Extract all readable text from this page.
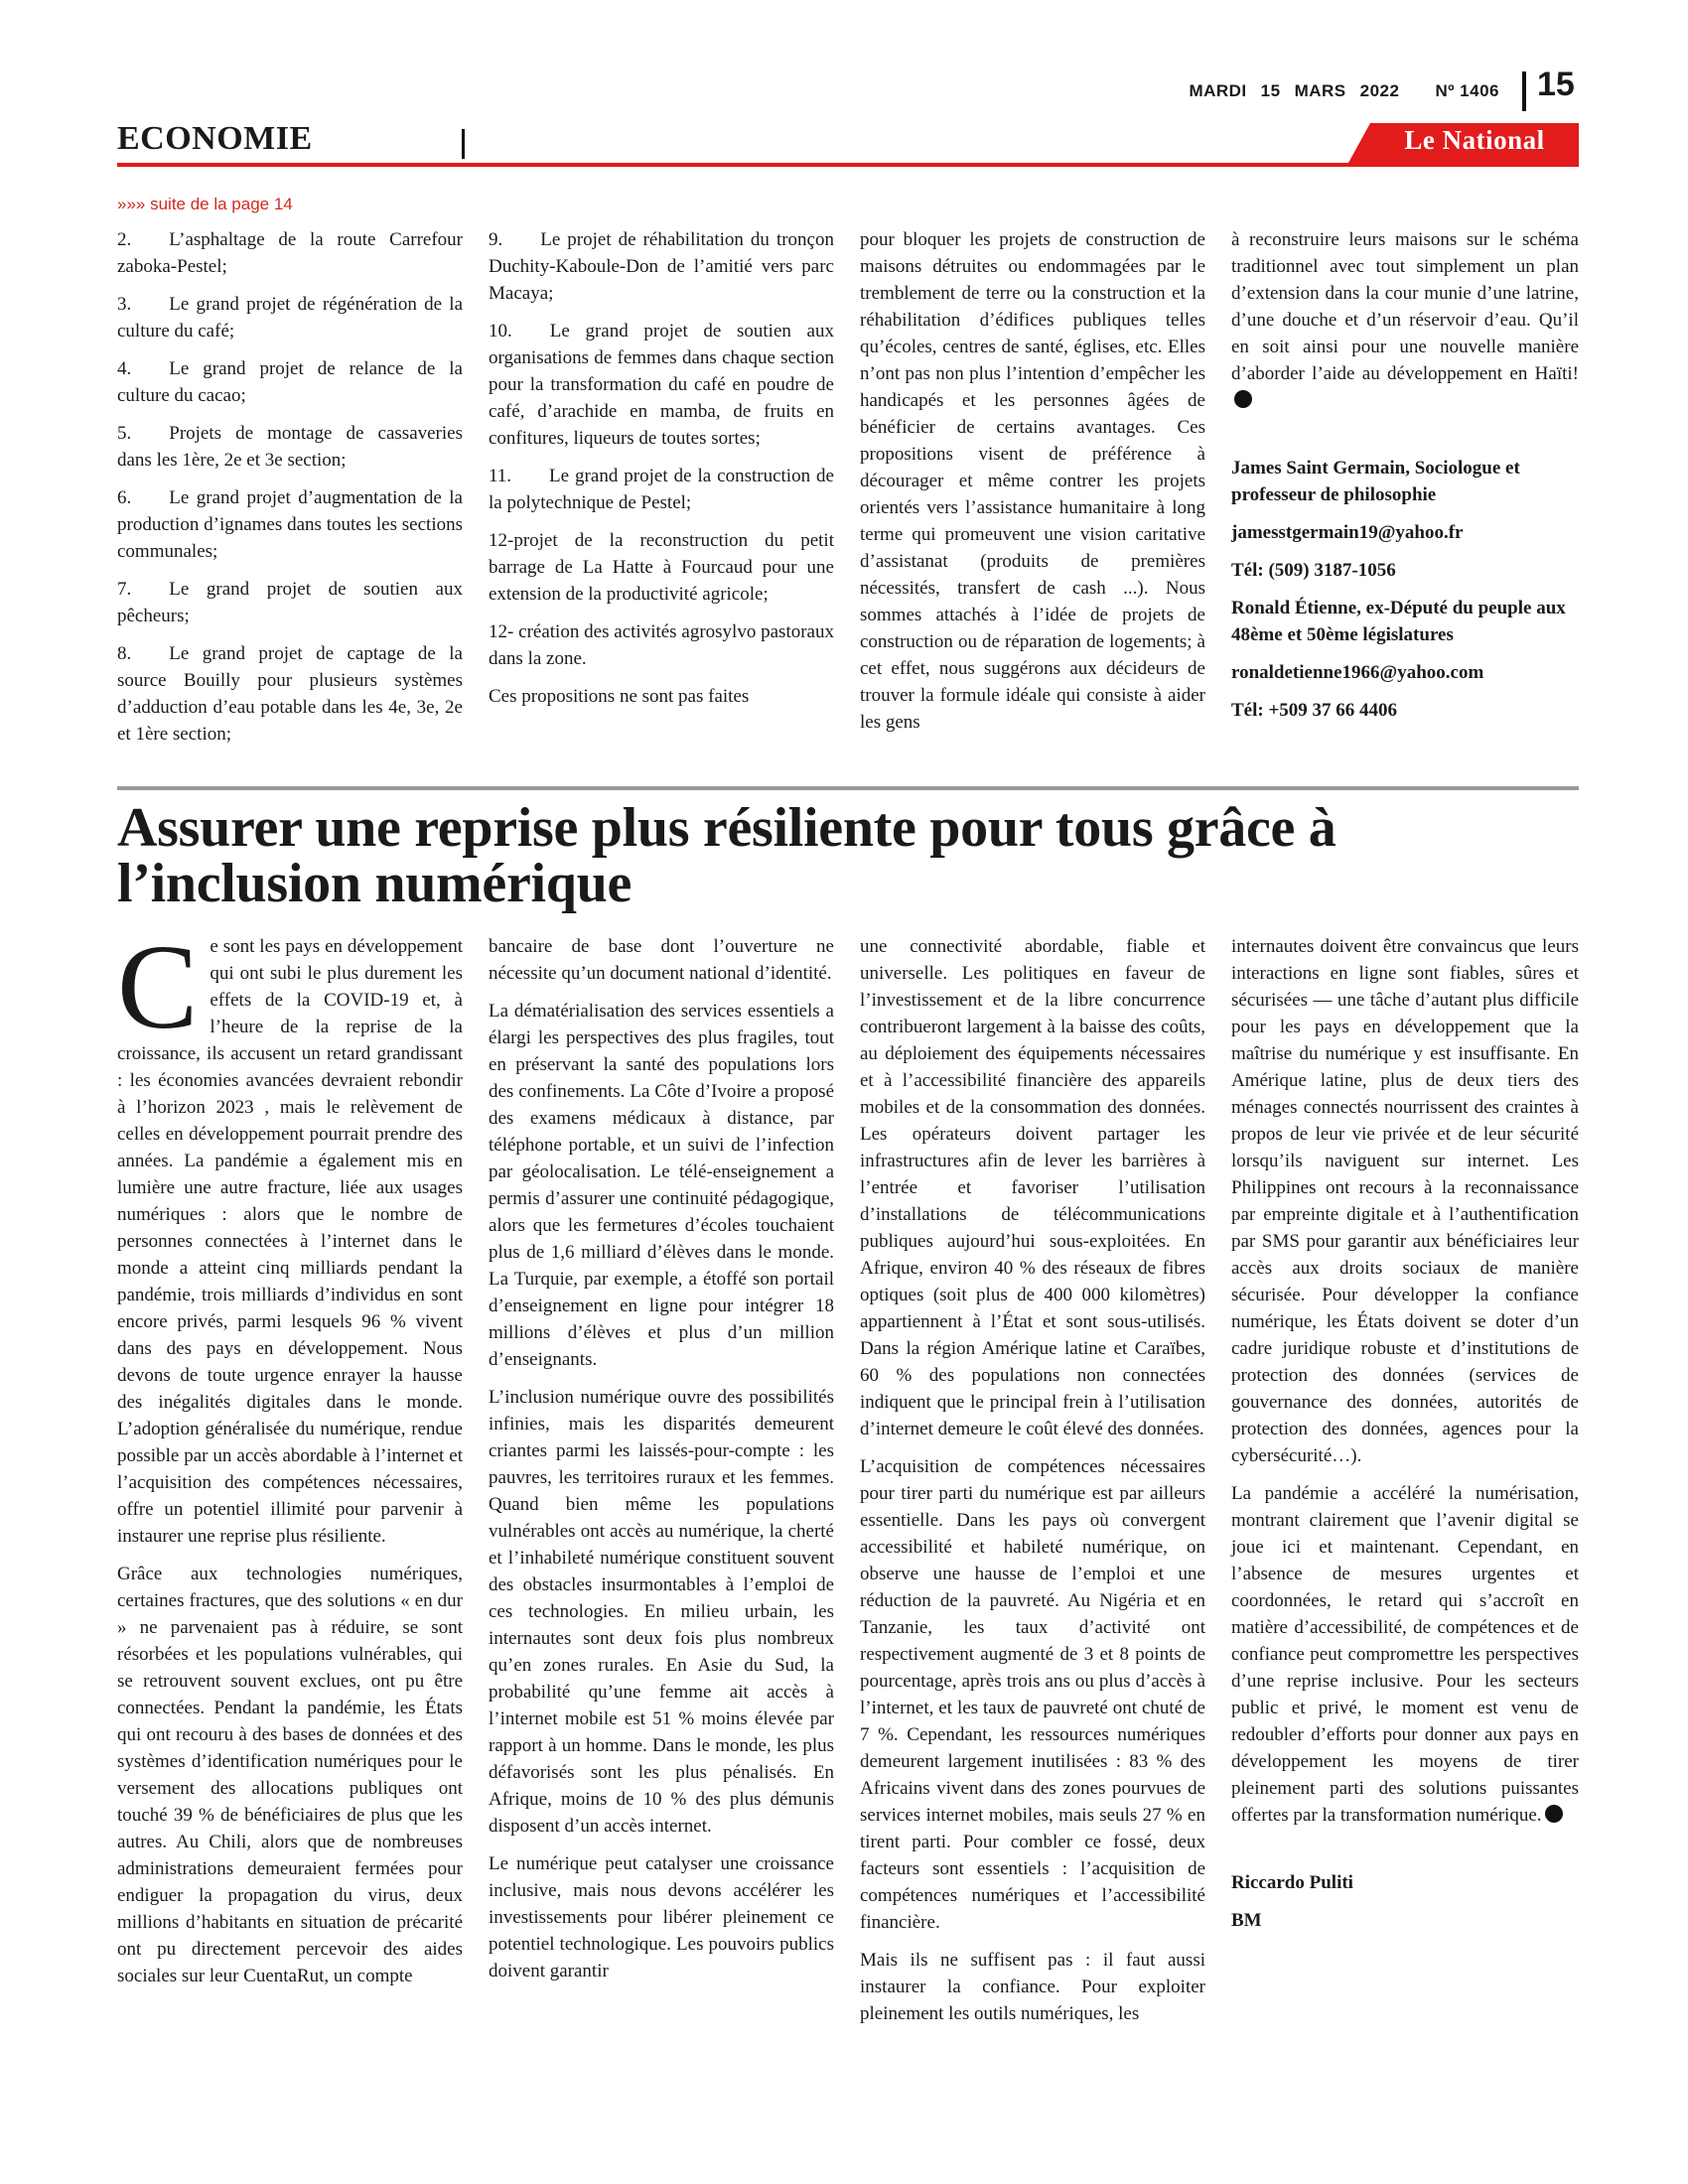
MARDI 15 MARS 2022 Nº 1406 15
ECONOMIE	Le National
»»» suite de la page 14
2.  L’asphaltage de la route Carrefour zaboka-Pestel;
3.  Le grand projet de régénération de la culture du café;
4.  Le grand projet de relance de la culture du cacao;
5.  Projets de montage de cassaveries dans les 1ère, 2e et 3e section;
6.  Le grand projet d’augmentation de la production d’ignames dans toutes les sections communales;
7.  Le grand projet de soutien aux pêcheurs;
8.  Le grand projet de captage de la source Bouilly pour plusieurs systèmes d’adduction d’eau potable dans les 4e, 3e, 2e et 1ère section;
9.  Le projet de réhabilitation du tronçon Duchity-Kaboule-Don de l’amitié vers parc Macaya;
10.  Le grand projet de soutien aux organisations de femmes dans chaque section pour la transformation du café en poudre de café, d’arachide en mamba, de fruits en confitures, liqueurs de toutes sortes;
11.  Le grand projet de la construction de la polytechnique de Pestel;
12-projet de la reconstruction du petit barrage de La Hatte à Fourcaud pour une extension de la productivité agricole;
12- création des activités agrosylvo pastoraux dans la zone.
Ces propositions ne sont pas faites

pour bloquer les projets de construction de maisons détruites ou endommagées par le tremblement de terre ou la construction et la réhabilitation d’édifices publiques telles qu’écoles, centres de santé, églises, etc. Elles n’ont pas non plus l’intention d’empêcher les handicapés et les personnes âgées de bénéficier de certains avantages. Ces propositions visent de préférence à décourager et même contrer les projets orientés vers l’assistance humanitaire à long terme qui promeuvent une vision caritative d’assistanat (produits de premières nécessités, transfert de cash ...). Nous sommes attachés à l’idée de projets de construction ou de réparation de logements; à cet effet, nous suggérons aux décideurs de trouver la formule idéale qui consiste à aider les gens

à reconstruire leurs maisons sur le schéma traditionnel avec tout simplement un plan d’extension dans la cour munie d’une latrine, d’une douche et d’un réservoir d’eau. Qu’il en soit ainsi pour une nouvelle manière d’aborder l’aide au développement en Haïti!

James Saint Germain, Sociologue et professeur de philosophie

jamesstgermain19@yahoo.fr

Tél: (509) 3187-1056

Ronald Étienne, ex-Député du peuple aux 48ème et 50ème législatures

ronaldetienne1966@yahoo.com

Tél: +509 37 66 4406

Assurer une reprise plus résiliente pour tous grâce à l’inclusion numérique

Ce sont les pays en développement qui ont subi le plus durement les effets de la COVID-19 et, à l’heure de la reprise de la croissance, ils accusent un retard grandissant : les économies avancées devraient rebondir à l’horizon 2023 , mais le relèvement de celles en développement pourrait prendre des années. La pandémie a également mis en lumière une autre fracture, liée aux usages numériques : alors que le nombre de personnes connectées à l’internet dans le monde a atteint cinq milliards pendant la pandémie, trois milliards d’individus en sont encore privés, parmi lesquels 96 % vivent dans des pays en développement. Nous devons de toute urgence enrayer la hausse des inégalités digitales dans le monde. L’adoption généralisée du numérique, rendue possible par un accès abordable à l’internet et l’acquisition des compétences nécessaires, offre un potentiel illimité pour parvenir à instaurer une reprise plus résiliente.

Grâce aux technologies numériques, certaines fractures, que des solutions « en dur » ne parvenaient pas à réduire, se sont résorbées et les populations vulnérables, qui se retrouvent souvent exclues, ont pu être connectées. Pendant la pandémie, les États qui ont recouru à des bases de données et des systèmes d’identification numériques pour le versement des allocations publiques ont touché 39 % de bénéficiaires de plus que les autres. Au Chili, alors que de nombreuses administrations demeuraient fermées pour endiguer la propagation du virus, deux millions d’habitants en situation de précarité ont pu directement percevoir des aides sociales sur leur CuentaRut, un compte

bancaire de base dont l’ouverture ne nécessite qu’un document national d’identité.

La dématérialisation des services essentiels a élargi les perspectives des plus fragiles, tout en préservant la santé des populations lors des confinements. La Côte d’Ivoire a proposé des examens médicaux à distance, par téléphone portable, et un suivi de l’infection par géolocalisation. Le télé-enseignement a permis d’assurer une continuité pédagogique, alors que les fermetures d’écoles touchaient plus de 1,6 milliard d’élèves dans le monde. La Turquie, par exemple, a étoffé son portail d’enseignement en ligne pour intégrer 18 millions d’élèves et plus d’un million d’enseignants.

L’inclusion numérique ouvre des possibilités infinies, mais les disparités demeurent criantes parmi les laissés-pour-compte : les pauvres, les territoires ruraux et les femmes. Quand bien même les populations vulnérables ont accès au numérique, la cherté et l’inhabileté numérique constituent souvent des obstacles insurmontables à l’emploi de ces technologies. En milieu urbain, les internautes sont deux fois plus nombreux qu’en zones rurales. En Asie du Sud, la probabilité qu’une femme ait accès à l’internet mobile est 51 % moins élevée par rapport à un homme. Dans le monde, les plus défavorisés sont les plus pénalisés. En Afrique, moins de 10 % des plus démunis disposent d’un accès internet.

Le numérique peut catalyser une croissance inclusive, mais nous devons accélérer les investissements pour libérer pleinement ce potentiel technologique. Les pouvoirs publics doivent garantir

une connectivité abordable, fiable et universelle. Les politiques en faveur de l’investissement et de la libre concurrence contribueront largement à la baisse des coûts, au déploiement des équipements nécessaires et à l’accessibilité financière des appareils mobiles et de la consommation des données. Les opérateurs doivent partager les infrastructures afin de lever les barrières à l’entrée et favoriser l’utilisation d’installations de télécommunications publiques aujourd’hui sous-exploitées. En Afrique, environ 40 % des réseaux de fibres optiques (soit plus de 400 000 kilomètres) appartiennent à l’État et sont sous-utilisés. Dans la région Amérique latine et Caraïbes, 60 % des populations non connectées indiquent que le principal frein à l’utilisation d’internet demeure le coût élevé des données.

L’acquisition de compétences nécessaires pour tirer parti du numérique est par ailleurs essentielle. Dans les pays où convergent accessibilité et habileté numérique, on observe une hausse de l’emploi et une réduction de la pauvreté. Au Nigéria et en Tanzanie, les taux d’activité ont respectivement augmenté de 3 et 8 points de pourcentage, après trois ans ou plus d’accès à l’internet, et les taux de pauvreté ont chuté de 7 %. Cependant, les ressources numériques demeurent largement inutilisées : 83 % des Africains vivent dans des zones pourvues de services internet mobiles, mais seuls 27 % en tirent parti. Pour combler ce fossé, deux facteurs sont essentiels : l’acquisition de compétences numériques et l’accessibilité financière.

Mais ils ne suffisent pas : il faut aussi instaurer la confiance. Pour exploiter pleinement les outils numériques, les

internautes doivent être convaincus que leurs interactions en ligne sont fiables, sûres et sécurisées — une tâche d’autant plus difficile pour les pays en développement que la maîtrise du numérique y est insuffisante. En Amérique latine, plus de deux tiers des ménages connectés nourrissent des craintes à propos de leur vie privée et de leur sécurité lorsqu’ils naviguent sur internet. Les Philippines ont recours à la reconnaissance par empreinte digitale et à l’authentification par SMS pour garantir aux bénéficiaires leur accès aux droits sociaux de manière sécurisée. Pour développer la confiance numérique, les États doivent se doter d’un cadre juridique robuste et d’institutions de protection des données (services de gouvernance des données, autorités de protection des données, agences pour la cybersécurité…).

La pandémie a accéléré la numérisation, montrant clairement que l’avenir digital se joue ici et maintenant. Cependant, en l’absence de mesures urgentes et coordonnées, le retard qui s’accroît en matière d’accessibilité, de compétences et de confiance peut compromettre les perspectives d’une reprise inclusive. Pour les secteurs public et privé, le moment est venu de redoubler d’efforts pour donner aux pays en développement les moyens de tirer pleinement parti des solutions puissantes offertes par la transformation numérique.

Riccardo Puliti

BM
